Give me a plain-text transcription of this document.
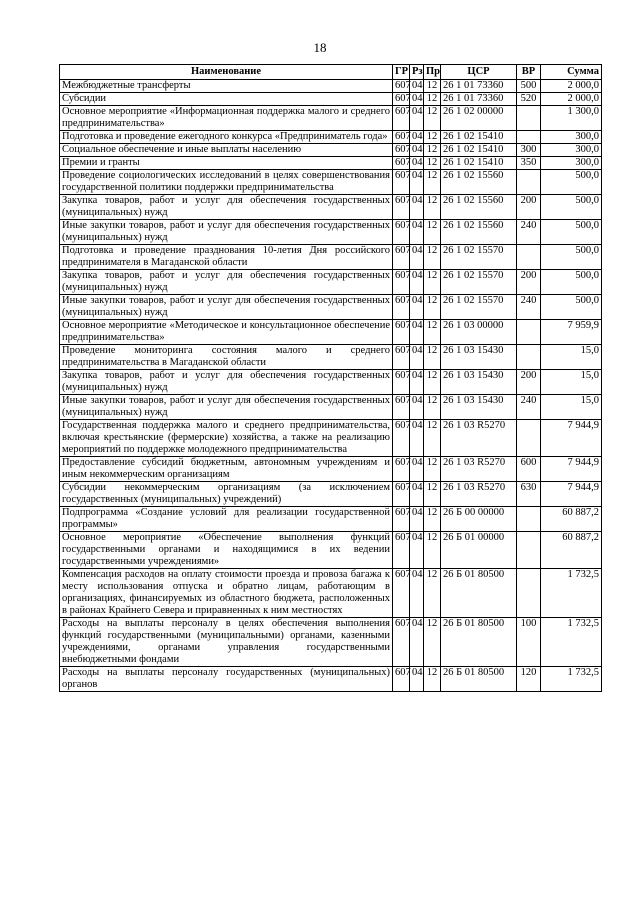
18
Наименование	ГР	Рз	Пр	ЦСР	ВР	Сумма
Межбюджетные трансферты	607	04	12	26 1 01 73360	500	2 000,0
Субсидии	607	04	12	26 1 01 73360	520	2 000,0
Основное мероприятие «Информационная поддержка малого и среднего предпринимательства»	607	04	12	26 1 02 00000		1 300,0
Подготовка и проведение ежегодного конкурса «Предприниматель года»	607	04	12	26 1 02 15410		300,0
Социальное обеспечение и иные выплаты населению	607	04	12	26 1 02 15410	300	300,0
Премии и гранты	607	04	12	26 1 02 15410	350	300,0
Проведение социологических исследований в целях совершенствования государственной политики поддержки предпринимательства	607	04	12	26 1 02 15560		500,0
Закупка товаров, работ и услуг для обеспечения государственных (муниципальных) нужд	607	04	12	26 1 02 15560	200	500,0
Иные закупки товаров, работ и услуг для обеспечения государственных (муниципальных) нужд	607	04	12	26 1 02 15560	240	500,0
Подготовка и проведение празднования 10-летия Дня российского предпринимателя в Магаданской области	607	04	12	26 1 02 15570		500,0
Закупка товаров, работ и услуг для обеспечения государственных (муниципальных) нужд	607	04	12	26 1 02 15570	200	500,0
Иные закупки товаров, работ и услуг для обеспечения государственных (муниципальных) нужд	607	04	12	26 1 02 15570	240	500,0
Основное мероприятие «Методическое и консультационное обеспечение предпринимательства»	607	04	12	26 1 03 00000		7 959,9
Проведение мониторинга состояния малого и среднего предпринимательства в Магаданской области	607	04	12	26 1 03 15430		15,0
Закупка товаров, работ и услуг для обеспечения государственных (муниципальных) нужд	607	04	12	26 1 03 15430	200	15,0
Иные закупки товаров, работ и услуг для обеспечения государственных (муниципальных) нужд	607	04	12	26 1 03 15430	240	15,0
Государственная поддержка малого и среднего предпринимательства, включая крестьянские (фермерские) хозяйства, а также на реализацию мероприятий по поддержке молодежного предпринимательства	607	04	12	26 1 03 R5270		7 944,9
Предоставление субсидий бюджетным, автономным учреждениям и иным некоммерческим организациям	607	04	12	26 1 03 R5270	600	7 944,9
Субсидии некоммерческим организациям (за исключением государственных (муниципальных) учреждений)	607	04	12	26 1 03 R5270	630	7 944,9
Подпрограмма «Создание условий для реализации государственной программы»	607	04	12	26 Б 00 00000		60 887,2
Основное мероприятие «Обеспечение выполнения функций государственными органами и находящимися в их ведении государственными учреждениями»	607	04	12	26 Б 01 00000		60 887,2
Компенсация расходов на оплату стоимости проезда и провоза багажа к месту использования отпуска и обратно лицам, работающим в организациях, финансируемых из областного бюджета, расположенных в районах Крайнего Севера и приравненных к ним местностях	607	04	12	26 Б 01 80500		1 732,5
Расходы на выплаты персоналу в целях обеспечения выполнения функций государственными (муниципальными) органами, казенными учреждениями, органами управления государственными внебюджетными фондами	607	04	12	26 Б 01 80500	100	1 732,5
Расходы на выплаты персоналу государственных (муниципальных) органов	607	04	12	26 Б 01 80500	120	1 732,5
